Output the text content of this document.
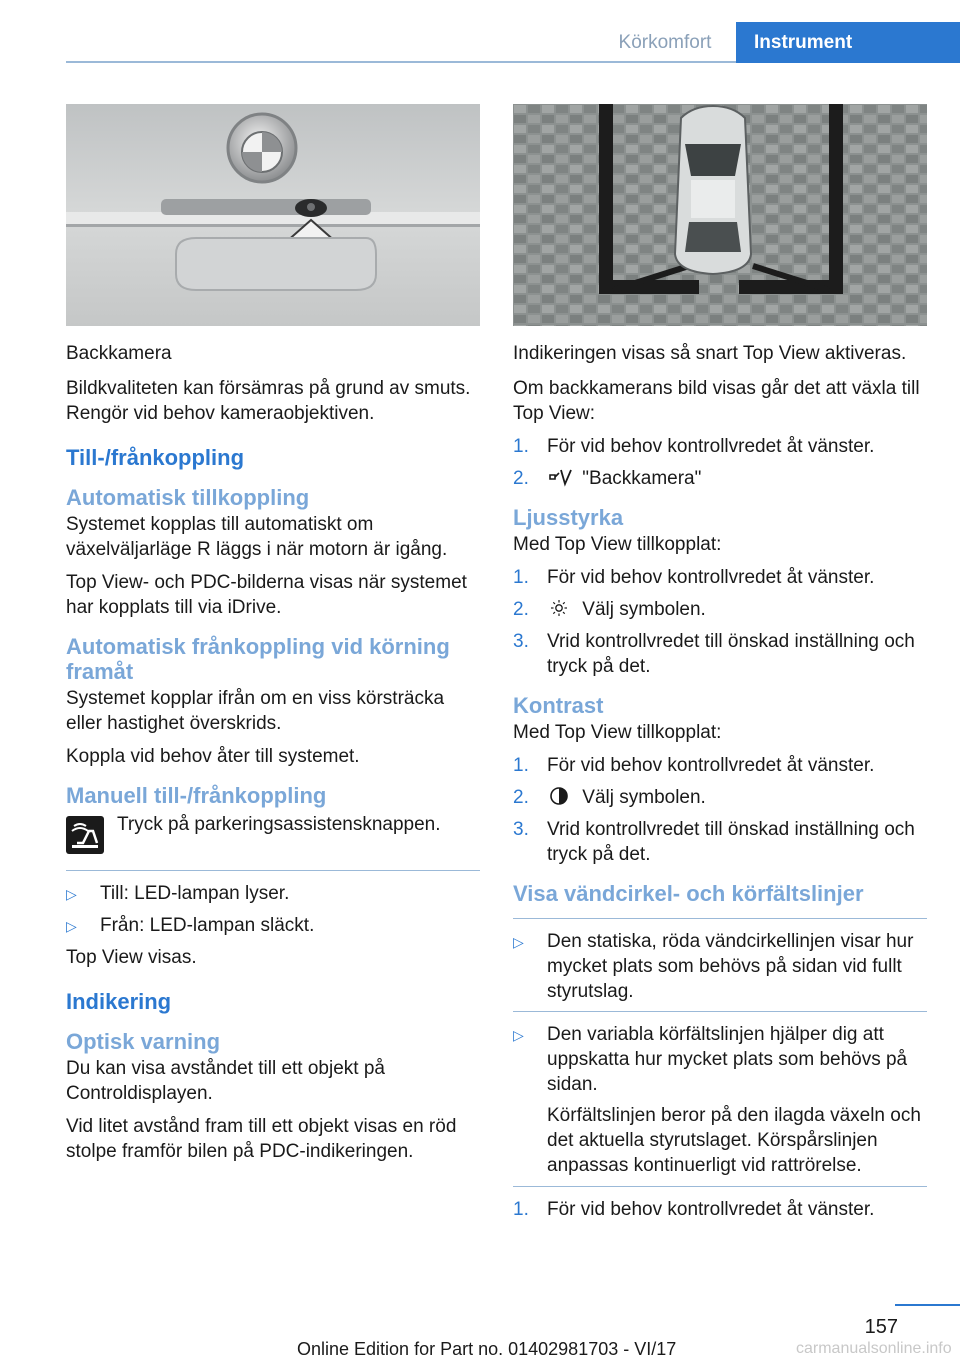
Körkomfort	Instrument

Backkamera

Bildkvaliteten kan försämras på grund av smuts. Rengör vid behov kameraobjektiven.

Till-/frånkoppling
Automatisk tillkoppling

Systemet kopplas till automatiskt om växelväljarläge R läggs i när motorn är igång.

Top View- och PDC-bilderna visas när systemet har kopplats till via iDrive.

Automatisk frånkoppling vid körning framåt

Systemet kopplar ifrån om en viss körsträcka eller hastighet överskrids.

Koppla vid behov åter till systemet.

Manuell till-/frånkoppling
Tryck på parkeringsassistensknappen.
▷ Till: LED-lampan lyser.
▷ Från: LED-lampan släckt.

Top View visas.

Indikering
Optisk varning

Du kan visa avståndet till ett objekt på Controldisplayen.

Vid litet avstånd fram till ett objekt visas en röd stolpe framför bilen på PDC-indikeringen.

Indikeringen visas så snart Top View aktiveras.

Om backkamerans bild visas går det att växla till Top View:

1. För vid behov kontrollvredet åt vänster.
2.	"Backkamera"
Ljusstyrka

Med Top View tillkopplat:

1. För vid behov kontrollvredet åt vänster.
2.	Välj symbolen.
3. Vrid kontrollvredet till önskad inställning och tryck på det.
Kontrast

Med Top View tillkopplat:

1. För vid behov kontrollvredet åt vänster.
2.	Välj symbolen.
3. Vrid kontrollvredet till önskad inställning och tryck på det.
Visa vändcirkel- och körfältslinjer
▷ Den statiska, röda vändcirkellinjen visar hur mycket plats som behövs på sidan vid fullt styrutslag.
▷ Den variabla körfältslinjen hjälper dig att uppskatta hur mycket plats som behövs på sidan.

Körfältslinjen beror på den ilagda växeln och det aktuella styrutslaget. Körspårslinjen anpassas kontinuerligt vid rattrörelse.

1. För vid behov kontrollvredet åt vänster.
157
Online Edition for Part no. 01402981703 - VI/17	carmanualsonline.info
